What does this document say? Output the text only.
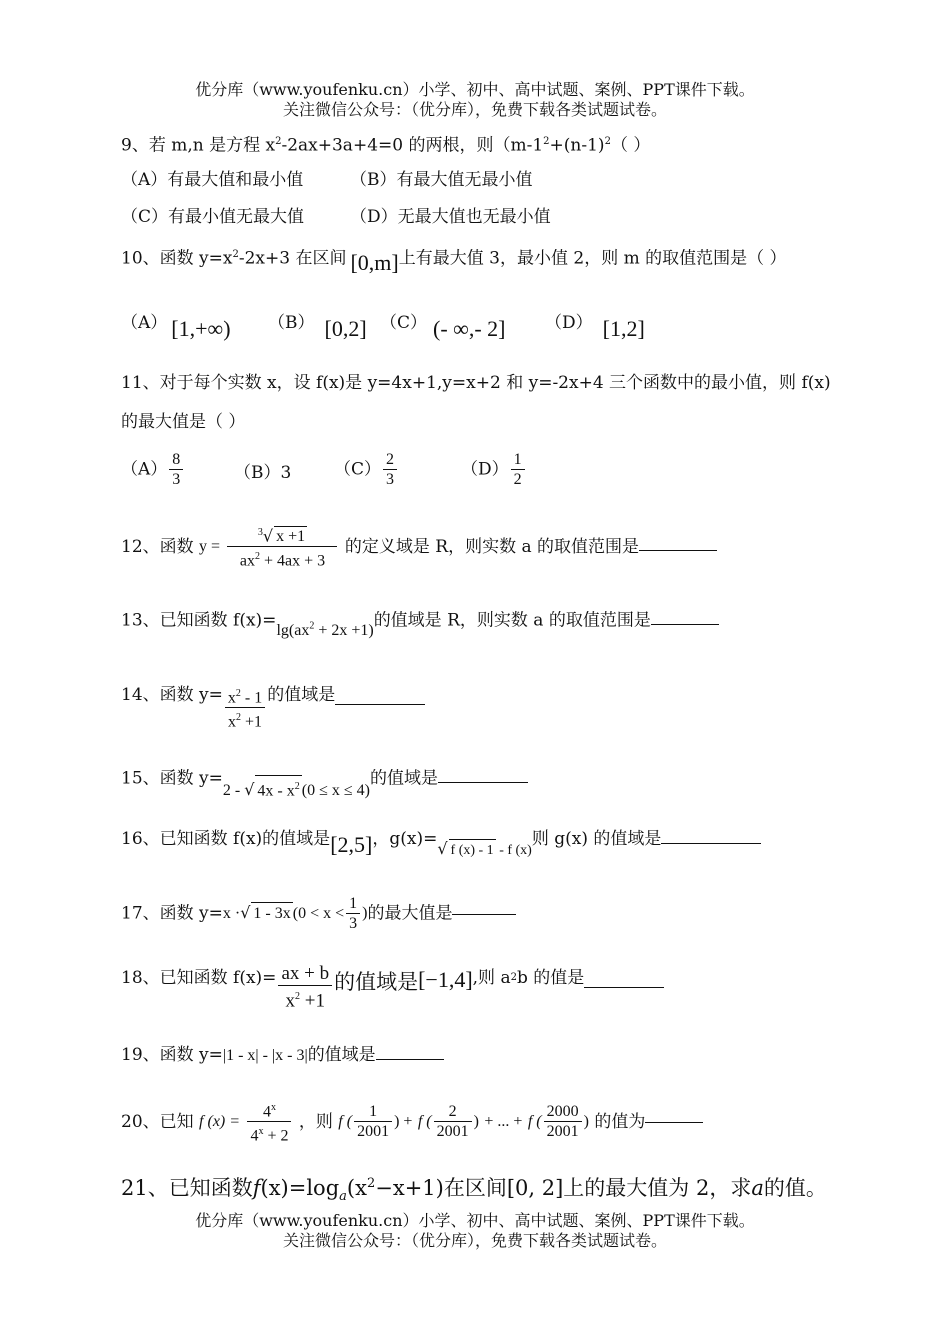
优分库（www.youfenku.cn）小学、初中、高中试题、案例、PPT课件下载。
关注微信公众号：（优分库），免费下载各类试题试卷。
9、若 m,n 是方程 $x^2-2ax+3a+4=0$ 的两根，则（$m-1^2+(n-1)^2$（ ）
（A）有最大值和最小值	（B）有最大值无最小值
（C）有最小值无最大值	（D）无最大值也无最小值
10、函数 $y=x^2-2x+3$ 在区间 [0,m]上有最大值 3，最小值 2，则 m 的取值范围是（ ）
（A） [1,+∞) （B） [0,2] （C） (- ∞,- 2] （D） [1,2]
11、对于每个实数 x，设 f(x)是 y=4x+1,y=x+2 和 y=-2x+4 三个函数中的最小值，则 f(x)
的最大值是（ ）
$(A) \frac{8}{3}$	（B）3	$(C) \frac{2}{3}$	$(D) \frac{1}{2}$
12、函数 $y = \frac{^3√ x +1}{ax^2 + 4ax + 3}$ 的定义域是 R，则实数 a 的取值范围是
13、已知函数 $f(x)=\lg(ax^2 + 2x +1)$的值域是 R，则实数 a 的取值范围是
14、函数 $y= \frac{x^2 - 1}{x^2 +1}$ 的值域是
15、函数 y=2 - √ $4x - x^2$ (0 ≤ x ≤ 4)的值域是
16、已知函数 f(x)的值域是[2,5]，$g(x)=_{√ f (x) - 1 - f (x)}$则 g(x) 的值域是
17、函数 y=x ·√ 1 - 3x ($0 < x < \frac{1}{3}$ )的最大值是
18、已知函数 $f(x)= \frac{ax + b}{x^2 +1}$ 的值域是[−1,4],则 $a^2b$ 的值是
19、函数 y=|1 - x| - |x - 3|的值域是
20、已知 f $(x) = \frac{4^x}{4^x + 2}$ ，则 f ( $\frac{1}{2001}$ ) + f ( $\frac{2}{2001}$ ) + ... + f ( $\frac{2000}{2001}$ ) 的值为
21、已知函数$f(x)=\log_a(x^2-x+1)$在区间[0, 2]上的最大值为 2，求a的值。
优分库（www.youfenku.cn）小学、初中、高中试题、案例、PPT课件下载。
关注微信公众号：（优分库），免费下载各类试题试卷。
